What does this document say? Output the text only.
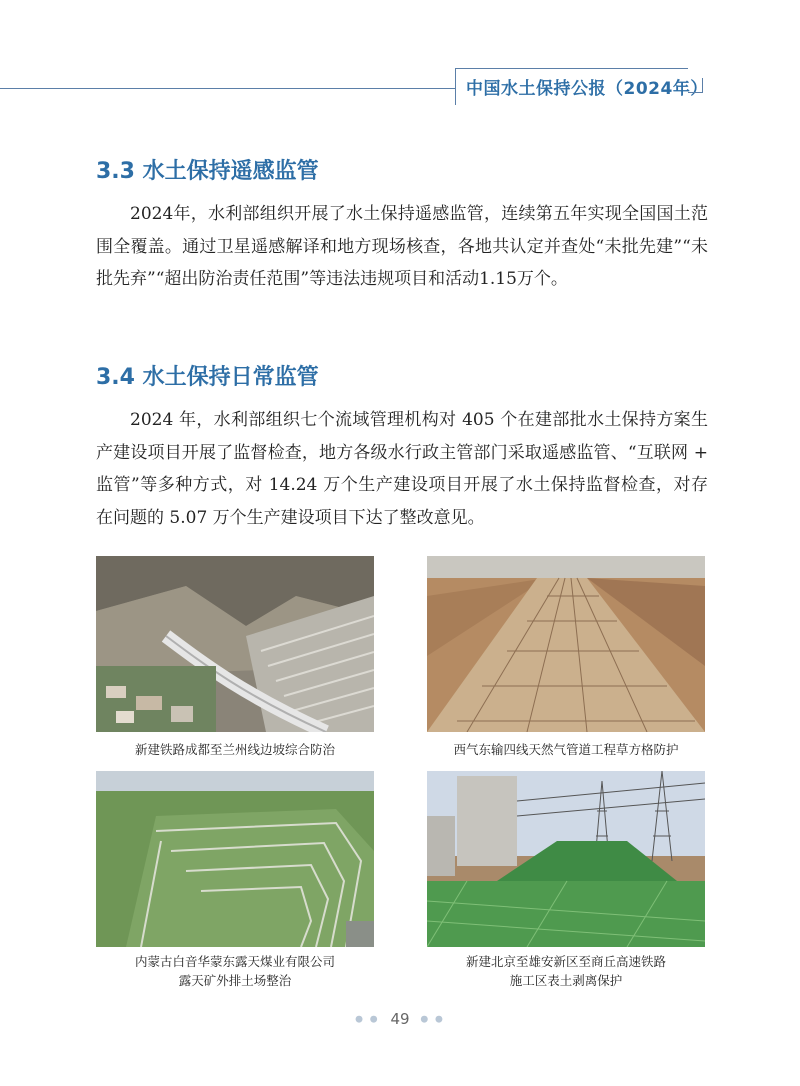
中国水土保持公报（2024年）
3.3 水土保持遥感监管

2024年，水利部组织开展了水土保持遥感监管，连续第五年实现全国国土范围全覆盖。通过卫星遥感解译和地方现场核查，各地共认定并查处“未批先建”“未批先弃”“超出防治责任范围”等违法违规项目和活动1.15万个。

3.4 水土保持日常监管

2024 年，水利部组织七个流域管理机构对 405 个在建部批水土保持方案生产建设项目开展了监督检查，地方各级水行政主管部门采取遥感监管、“互联网 + 监管”等多种方式，对 14.24 万个生产建设项目开展了水土保持监督检查，对存在问题的 5.07 万个生产建设项目下达了整改意见。

新建铁路成都至兰州线边坡综合防治	西气东输四线天然气管道工程草方格防护
内蒙古白音华蒙东露天煤业有限公司
露天矿外排土场整治
新建北京至雄安新区至商丘高速铁路
施工区表土剥离保护
● ● 49 ● ●
